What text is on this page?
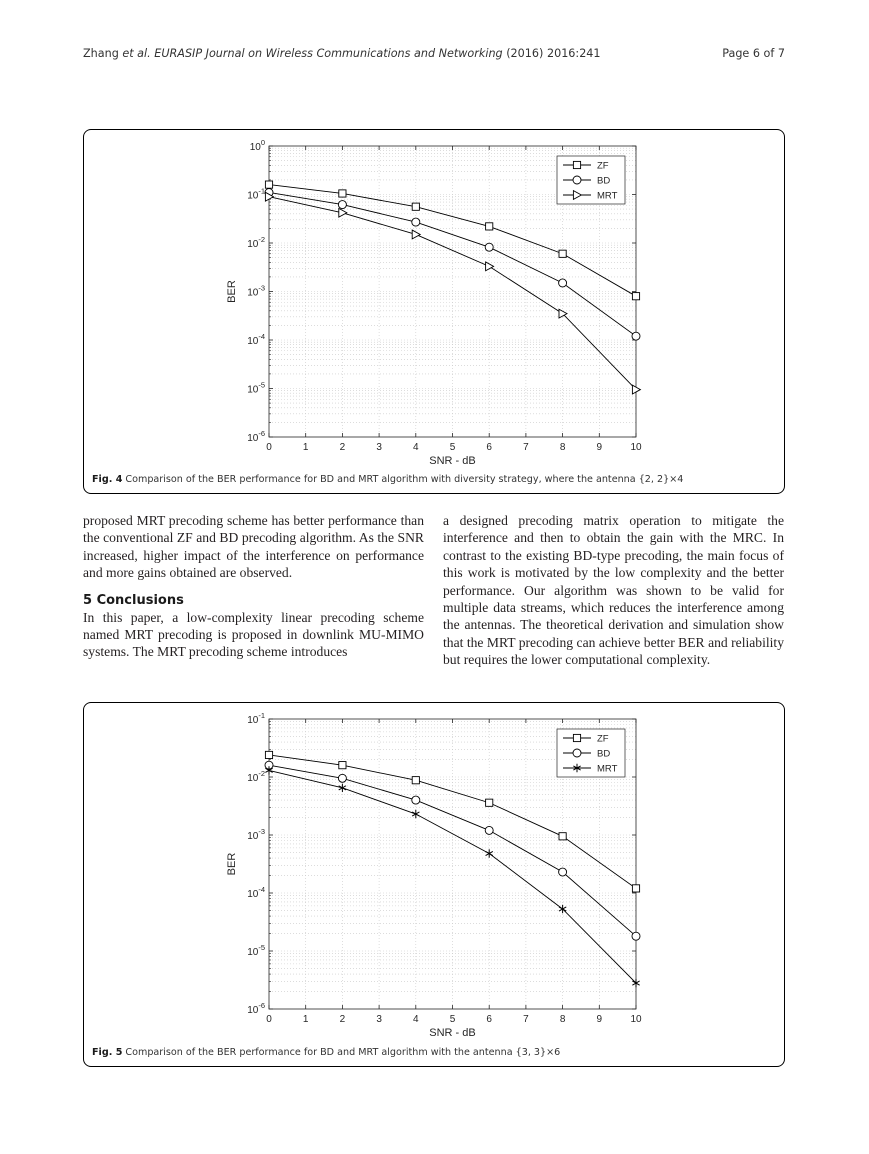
Zhang et al. EURASIP Journal on Wireless Communications and Networking (2016) 2016:241	Page 6 of 7
0	1	2	3	4	5	6	7	8	9	10
$10^0$
$10^{-1}$
$10^{-2}$
$10^{-3}$
$10^{-4}$
$10^{-5}$
$10^{-6}$
SNR - dB
BER
ZF
BD
MRT
Fig. 4 Comparison of the BER performance for BD and MRT algorithm with diversity strategy, where the antenna {2, 2}×4

proposed MRT precoding scheme has better performance than the conventional ZF and BD precoding algorithm. As the SNR increased, higher impact of the interference on performance and more gains obtained are observed.

5 Conclusions

In this paper, a low-complexity linear precoding scheme named MRT precoding is proposed in downlink MU-MIMO systems. The MRT precoding scheme introduces

a designed precoding matrix operation to mitigate the interference and then to obtain the gain with the MRC. In contrast to the existing BD-type precoding, the main focus of this work is motivated by the low complexity and the better performance. Our algorithm was shown to be valid for multiple data streams, which reduces the interference among the antennas. The theoretical derivation and simulation show that the MRT precoding can achieve better BER and reliability but requires the lower computational complexity.

0	1	2	3	4	5	6	7	8	9	10
$10^{-1}$
$10^{-2}$
$10^{-3}$
$10^{-4}$
$10^{-5}$
$10^{-6}$
SNR - dB
BER
ZF
BD
MRT
Fig. 5 Comparison of the BER performance for BD and MRT algorithm with the antenna {3, 3}×6
